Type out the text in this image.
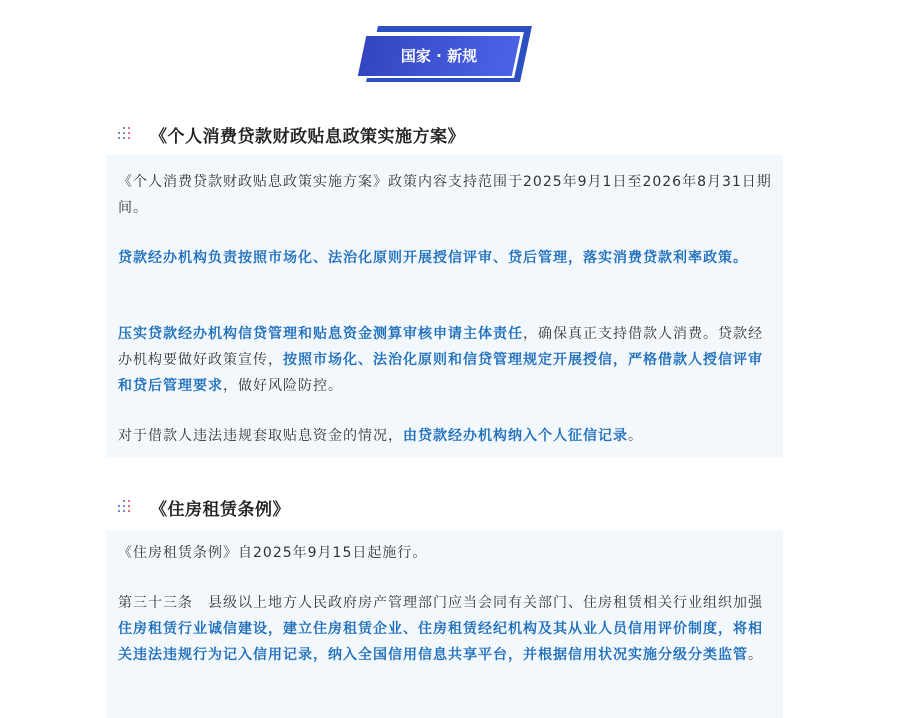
国家 · 新规
《个人消费贷款财政贴息政策实施方案》

《个人消费贷款财政贴息政策实施方案》政策内容支持范围于2025年9月1日至2026年8月31日期间。

贷款经办机构负责按照市场化、法治化原则开展授信评审、贷后管理，落实消费贷款利率政策。

压实贷款经办机构信贷管理和贴息资金测算审核申请主体责任，确保真正支持借款人消费。贷款经办机构要做好政策宣传，按照市场化、法治化原则和信贷管理规定开展授信，严格借款人授信评审和贷后管理要求，做好风险防控。

对于借款人违法违规套取贴息资金的情况，由贷款经办机构纳入个人征信记录。

《住房租赁条例》

《住房租赁条例》自2025年9月15日起施行。

第三十三条　县级以上地方人民政府房产管理部门应当会同有关部门、住房租赁相关行业组织加强住房租赁行业诚信建设，建立住房租赁企业、住房租赁经纪机构及其从业人员信用评价制度，将相关违法违规行为记入信用记录，纳入全国信用信息共享平台，并根据信用状况实施分级分类监管。
